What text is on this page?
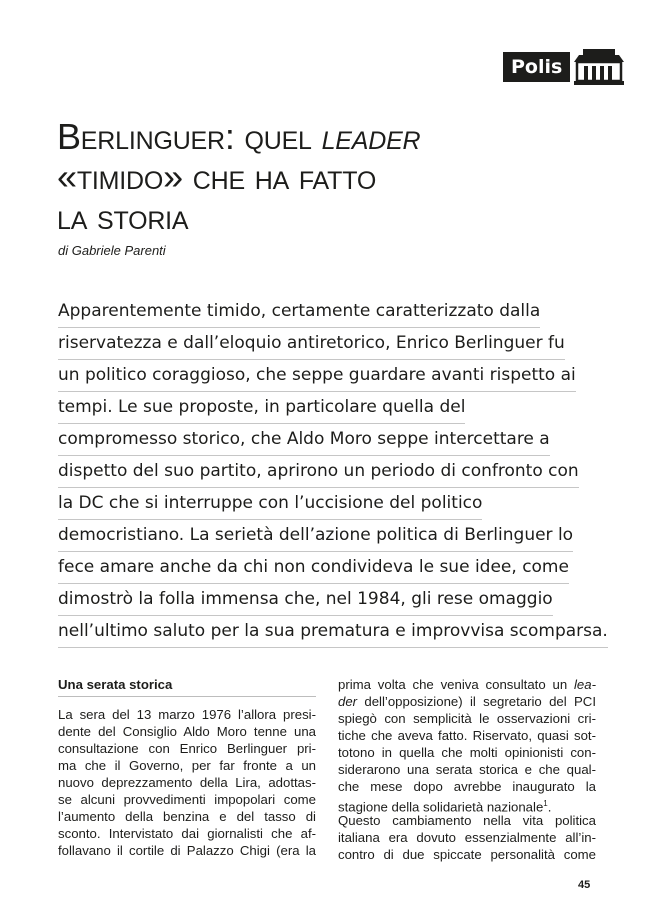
Polis
Berlinguer: quel leader
«timido» che ha fatto
la storia
di Gabriele Parenti
Apparentemente timido, certamente caratterizzato dalla
riservatezza e dall’eloquio antiretorico, Enrico Berlinguer fu
un politico coraggioso, che seppe guardare avanti rispetto ai
tempi. Le sue proposte, in particolare quella del
compromesso storico, che Aldo Moro seppe intercettare a
dispetto del suo partito, aprirono un periodo di confronto con
la DC che si interruppe con l’uccisione del politico
democristiano. La serietà dell’azione politica di Berlinguer lo
fece amare anche da chi non condivideva le sue idee, come
dimostrò la folla immensa che, nel 1984, gli rese omaggio
nell’ultimo saluto per la sua prematura e improvvisa scomparsa.
Una serata storica
La sera del 13 marzo 1976 l’allora presi-
dente del Consiglio Aldo Moro tenne una
consultazione con Enrico Berlinguer pri-
ma che il Governo, per far fronte a un
nuovo deprezzamento della Lira, adottas-
se alcuni provvedimenti impopolari come
l’aumento della benzina e del tasso di
sconto. Intervistato dai giornalisti che af-
follavano il cortile di Palazzo Chigi (era la
prima volta che veniva consultato un lea-
der dell’opposizione) il segretario del PCI
spiegò con semplicità le osservazioni cri-
tiche che aveva fatto. Riservato, quasi sot-
totono in quella che molti opinionisti con-
siderarono una serata storica e che qual-
che mese dopo avrebbe inaugurato la
stagione della solidarietà nazionale$^1$.
Questo cambiamento nella vita politica
italiana era dovuto essenzialmente all’in-
contro di due spiccate personalità come
45
